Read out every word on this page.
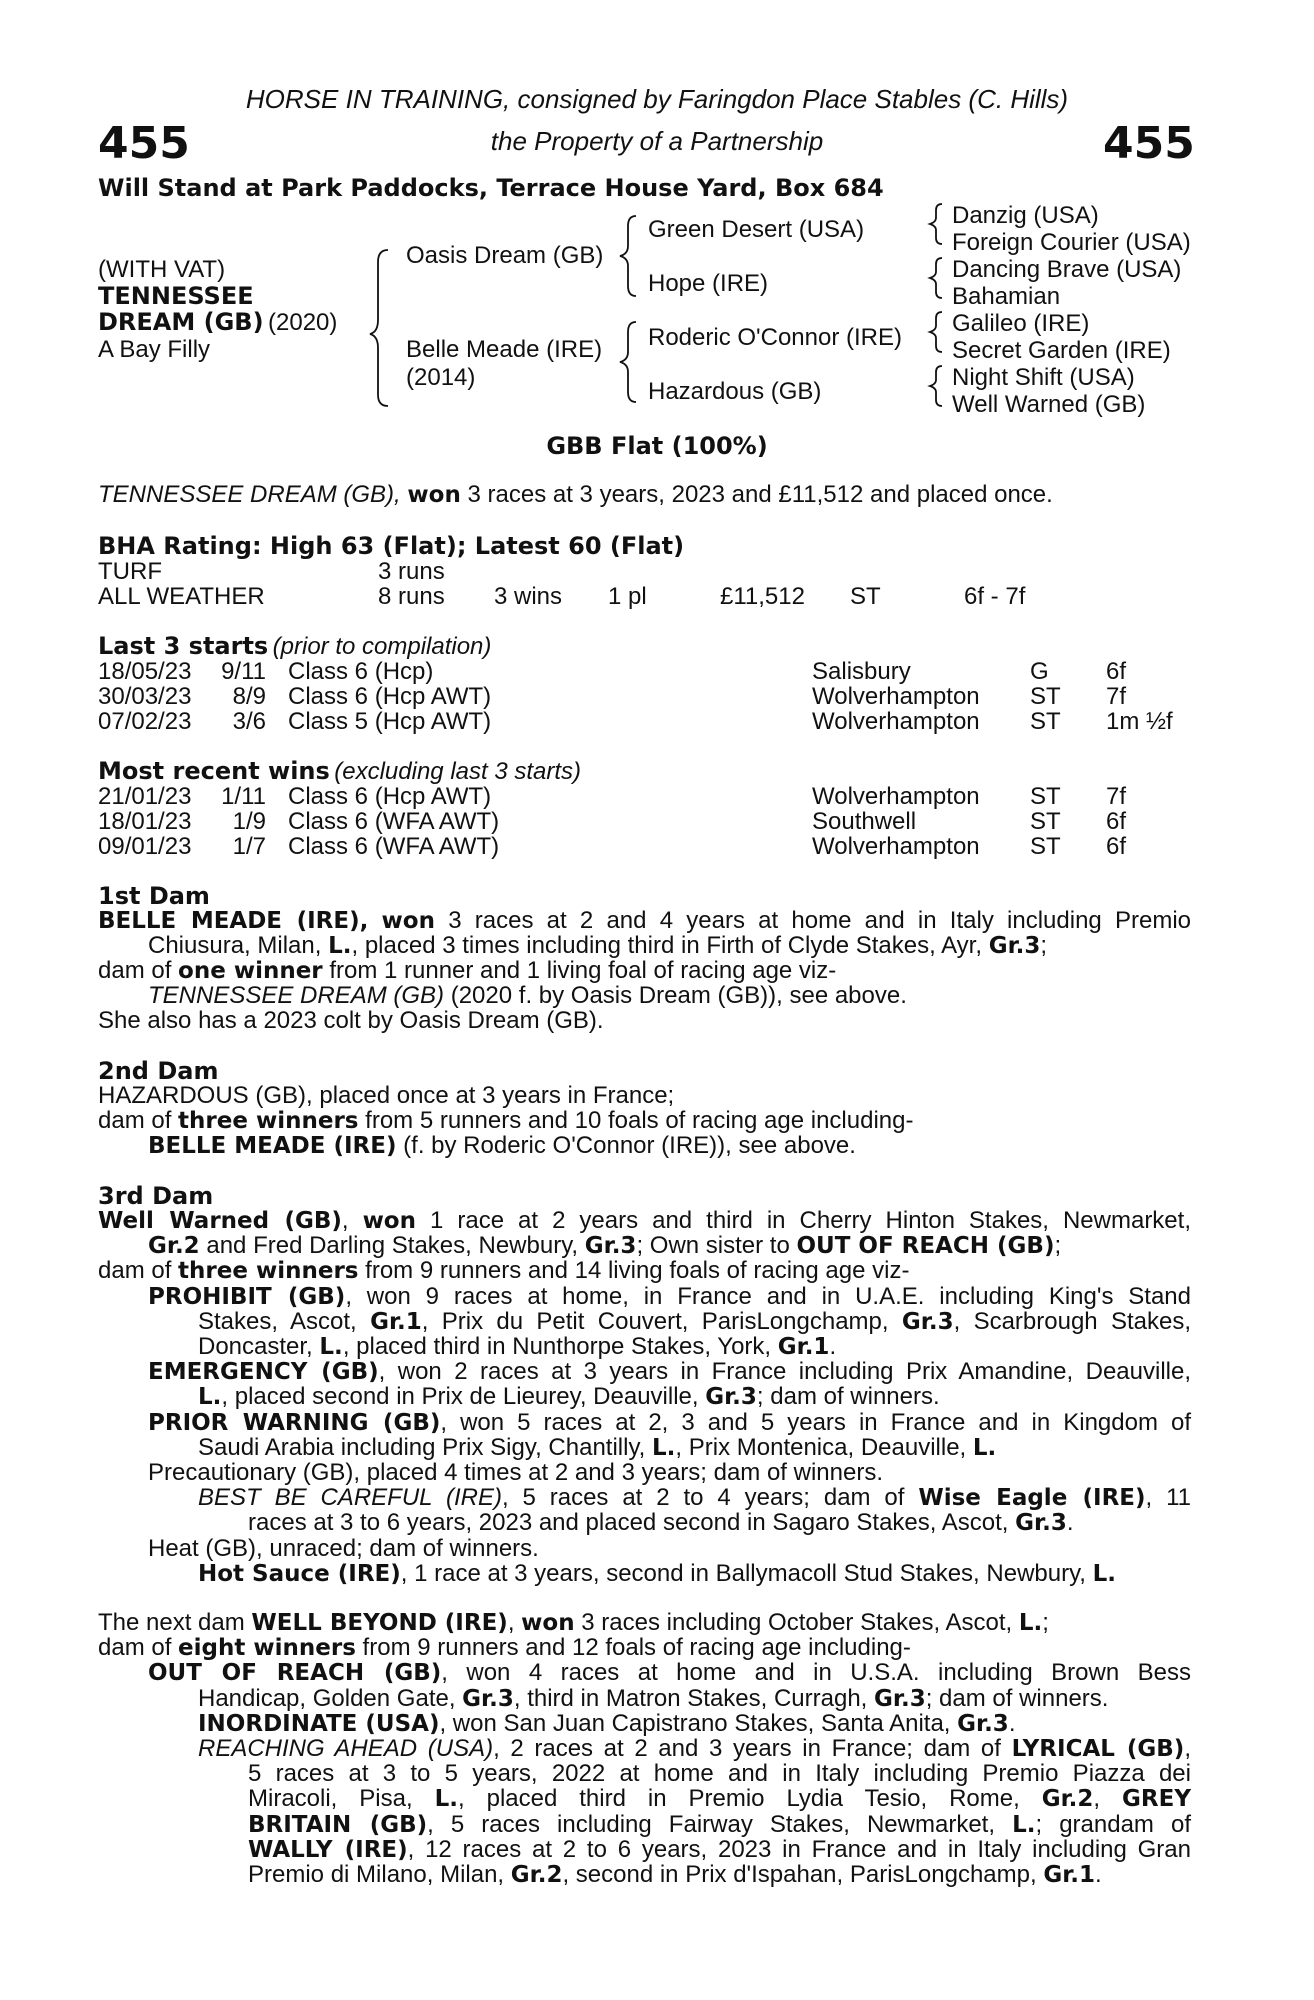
HORSE IN TRAINING, consigned by Faringdon Place Stables (C. Hills)
the Property of a Partnership
455	455
Will Stand at Park Paddocks, Terrace House Yard, Box 684
(WITH VAT)
TENNESSEE
DREAM (GB) (2020)
A Bay Filly
Oasis Dream (GB)
Belle Meade (IRE)
(2014)
Green Desert (USA)
Hope (IRE)
Roderic O'Connor (IRE)
Hazardous (GB)
Danzig (USA)
Foreign Courier (USA)
Dancing Brave (USA)
Bahamian
Galileo (IRE)
Secret Garden (IRE)
Night Shift (USA)
Well Warned (GB)
GBB Flat (100%)
TENNESSEE DREAM (GB), won 3 races at 3 years, 2023 and £11,512 and placed once.
BHA Rating: High 63 (Flat); Latest 60 (Flat)
TURF	3 runs
ALL WEATHER	8 runs 3 wins 1 pl	£11,512 ST	6f - 7f
Last 3 starts (prior to compilation)
18/05/23	9/11 Class 6 (Hcp)	Salisbury	G 6f
30/03/23	8/9 Class 6 (Hcp AWT)	Wolverhampton ST 7f
07/02/23	3/6 Class 5 (Hcp AWT)	Wolverhampton ST 1m ½f
Most recent wins (excluding last 3 starts)
21/01/23	1/11 Class 6 (Hcp AWT)	Wolverhampton ST 7f
18/01/23	1/9 Class 6 (WFA AWT)	Southwell	ST 6f
09/01/23	1/7 Class 6 (WFA AWT)	Wolverhampton ST 6f
1st Dam
BELLE MEADE (IRE), won 3 races at 2 and 4 years at home and in Italy including Premio
Chiusura, Milan, L., placed 3 times including third in Firth of Clyde Stakes, Ayr, Gr.3;
dam of one winner from 1 runner and 1 living foal of racing age viz-
TENNESSEE DREAM (GB) (2020 f. by Oasis Dream (GB)), see above.
She also has a 2023 colt by Oasis Dream (GB).
2nd Dam
HAZARDOUS (GB), placed once at 3 years in France;
dam of three winners from 5 runners and 10 foals of racing age including-
BELLE MEADE (IRE) (f. by Roderic O'Connor (IRE)), see above.
3rd Dam
Well Warned (GB), won 1 race at 2 years and third in Cherry Hinton Stakes, Newmarket,
Gr.2 and Fred Darling Stakes, Newbury, Gr.3; Own sister to OUT OF REACH (GB);
dam of three winners from 9 runners and 14 living foals of racing age viz-
PROHIBIT (GB), won 9 races at home, in France and in U.A.E. including King's Stand
Stakes, Ascot, Gr.1, Prix du Petit Couvert, ParisLongchamp, Gr.3, Scarbrough Stakes,
Doncaster, L., placed third in Nunthorpe Stakes, York, Gr.1.
EMERGENCY (GB), won 2 races at 3 years in France including Prix Amandine, Deauville,
L., placed second in Prix de Lieurey, Deauville, Gr.3; dam of winners.
PRIOR WARNING (GB), won 5 races at 2, 3 and 5 years in France and in Kingdom of
Saudi Arabia including Prix Sigy, Chantilly, L., Prix Montenica, Deauville, L.
Precautionary (GB), placed 4 times at 2 and 3 years; dam of winners.
BEST BE CAREFUL (IRE), 5 races at 2 to 4 years; dam of Wise Eagle (IRE), 11
races at 3 to 6 years, 2023 and placed second in Sagaro Stakes, Ascot, Gr.3.
Heat (GB), unraced; dam of winners.
Hot Sauce (IRE), 1 race at 3 years, second in Ballymacoll Stud Stakes, Newbury, L.
The next dam WELL BEYOND (IRE), won 3 races including October Stakes, Ascot, L.;
dam of eight winners from 9 runners and 12 foals of racing age including-
OUT OF REACH (GB), won 4 races at home and in U.S.A. including Brown Bess
Handicap, Golden Gate, Gr.3, third in Matron Stakes, Curragh, Gr.3; dam of winners.
INORDINATE (USA), won San Juan Capistrano Stakes, Santa Anita, Gr.3.
REACHING AHEAD (USA), 2 races at 2 and 3 years in France; dam of LYRICAL (GB),
5 races at 3 to 5 years, 2022 at home and in Italy including Premio Piazza dei
Miracoli, Pisa, L., placed third in Premio Lydia Tesio, Rome, Gr.2, GREY
BRITAIN (GB), 5 races including Fairway Stakes, Newmarket, L.; grandam of
WALLY (IRE), 12 races at 2 to 6 years, 2023 in France and in Italy including Gran
Premio di Milano, Milan, Gr.2, second in Prix d'Ispahan, ParisLongchamp, Gr.1.
